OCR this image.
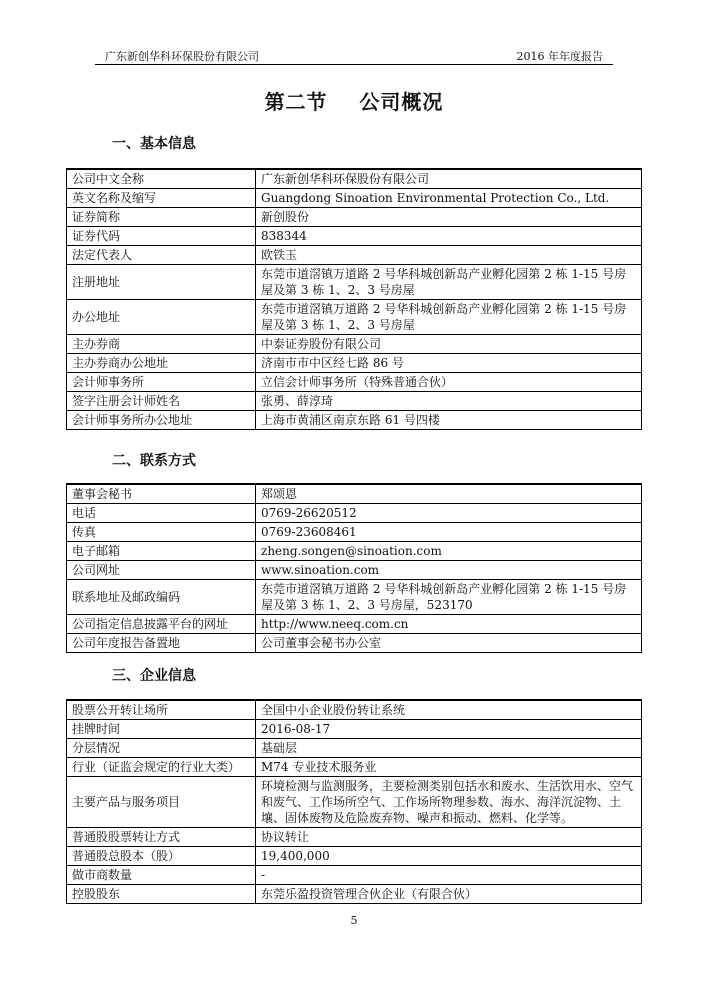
广东新创华科环保股份有限公司	2016 年年度报告
第二节    公司概况
一、基本信息
公司中文全称	广东新创华科环保股份有限公司
英文名称及缩写	Guangdong Sinoation Environmental Protection Co., Ltd.
证券简称	新创股份
证券代码	838344
法定代表人	欧铁玉
注册地址	东莞市道滘镇万道路 2 号华科城创新岛产业孵化园第 2 栋 1-15 号房屋及第 3 栋 1、2、3 号房屋
办公地址	东莞市道滘镇万道路 2 号华科城创新岛产业孵化园第 2 栋 1-15 号房屋及第 3 栋 1、2、3 号房屋
主办券商	中泰证券股份有限公司
主办券商办公地址	济南市市中区经七路 86 号
会计师事务所	立信会计师事务所（特殊普通合伙）
签字注册会计师姓名	张勇、薛淳琦
会计师事务所办公地址	上海市黄浦区南京东路 61 号四楼
二、联系方式
董事会秘书	郑颂恩
电话	0769-26620512
传真	0769-23608461
电子邮箱	zheng.songen@sinoation.com
公司网址	www.sinoation.com
联系地址及邮政编码	东莞市道滘镇万道路 2 号华科城创新岛产业孵化园第 2 栋 1-15 号房屋及第 3 栋 1、2、3 号房屋，523170
公司指定信息披露平台的网址	http://www.neeq.com.cn
公司年度报告备置地	公司董事会秘书办公室
三、企业信息
股票公开转让场所	全国中小企业股份转让系统
挂牌时间	2016-08-17
分层情况	基础层
行业（证监会规定的行业大类）	M74 专业技术服务业
主要产品与服务项目	环境检测与监测服务，主要检测类别包括水和废水、生活饮用水、空气和废气、工作场所空气、工作场所物理参数、海水、海洋沉淀物、土壤、固体废物及危险废弃物、噪声和振动、燃料、化学等。
普通股股票转让方式	协议转让
普通股总股本（股）	19,400,000
做市商数量	-
控股股东	东莞乐盈投资管理合伙企业（有限合伙）
5
